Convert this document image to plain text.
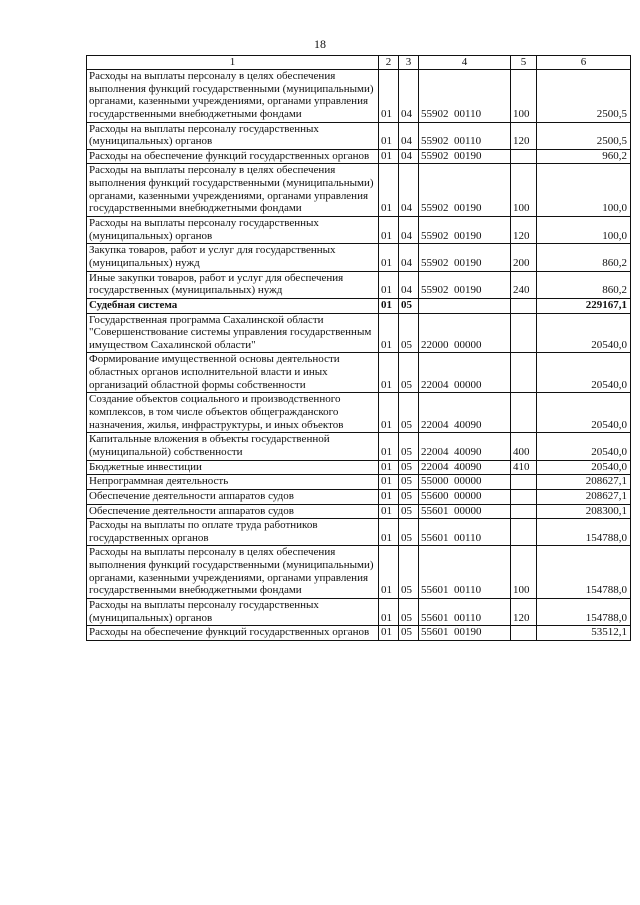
18
1	2	3	4	5	6
Расходы на выплаты персоналу в целях обеспечения выполнения функций государственными (муниципальными) органами, казенными учреждениями, органами управления государственными внебюджетными фондами	01	04	55902 00110	100	2500,5
Расходы на выплаты персоналу государственных (муниципальных) органов	01	04	55902 00110	120	2500,5
Расходы на обеспечение функций государственных органов	01	04	55902 00190		960,2
Расходы на выплаты персоналу в целях обеспечения выполнения функций государственными (муниципальными) органами, казенными учреждениями, органами управления государственными внебюджетными фондами	01	04	55902 00190	100	100,0
Расходы на выплаты персоналу государственных (муниципальных) органов	01	04	55902 00190	120	100,0
Закупка товаров, работ и услуг для государственных (муниципальных) нужд	01	04	55902 00190	200	860,2
Иные закупки товаров, работ и услуг для обеспечения государственных (муниципальных) нужд	01	04	55902 00190	240	860,2
Судебная система	01	05			229167,1
Государственная программа Сахалинской области "Совершенствование системы управления государственным имуществом Сахалинской области"	01	05	22000 00000		20540,0
Формирование имущественной основы деятельности областных органов исполнительной власти и иных организаций областной формы собственности	01	05	22004 00000		20540,0
Создание объектов социального и производственного комплексов, в том числе объектов общегражданского назначения, жилья, инфраструктуры, и иных объектов	01	05	22004 40090		20540,0
Капитальные вложения в объекты государственной (муниципальной) собственности	01	05	22004 40090	400	20540,0
Бюджетные инвестиции	01	05	22004 40090	410	20540,0
Непрограммная деятельность	01	05	55000 00000		208627,1
Обеспечение деятельности аппаратов судов	01	05	55600 00000		208627,1
Обеспечение деятельности аппаратов судов	01	05	55601 00000		208300,1
Расходы на выплаты по оплате труда работников государственных органов	01	05	55601 00110		154788,0
Расходы на выплаты персоналу в целях обеспечения выполнения функций государственными (муниципальными) органами, казенными учреждениями, органами управления государственными внебюджетными фондами	01	05	55601 00110	100	154788,0
Расходы на выплаты персоналу государственных (муниципальных) органов	01	05	55601 00110	120	154788,0
Расходы на обеспечение функций государственных органов	01	05	55601 00190		53512,1
